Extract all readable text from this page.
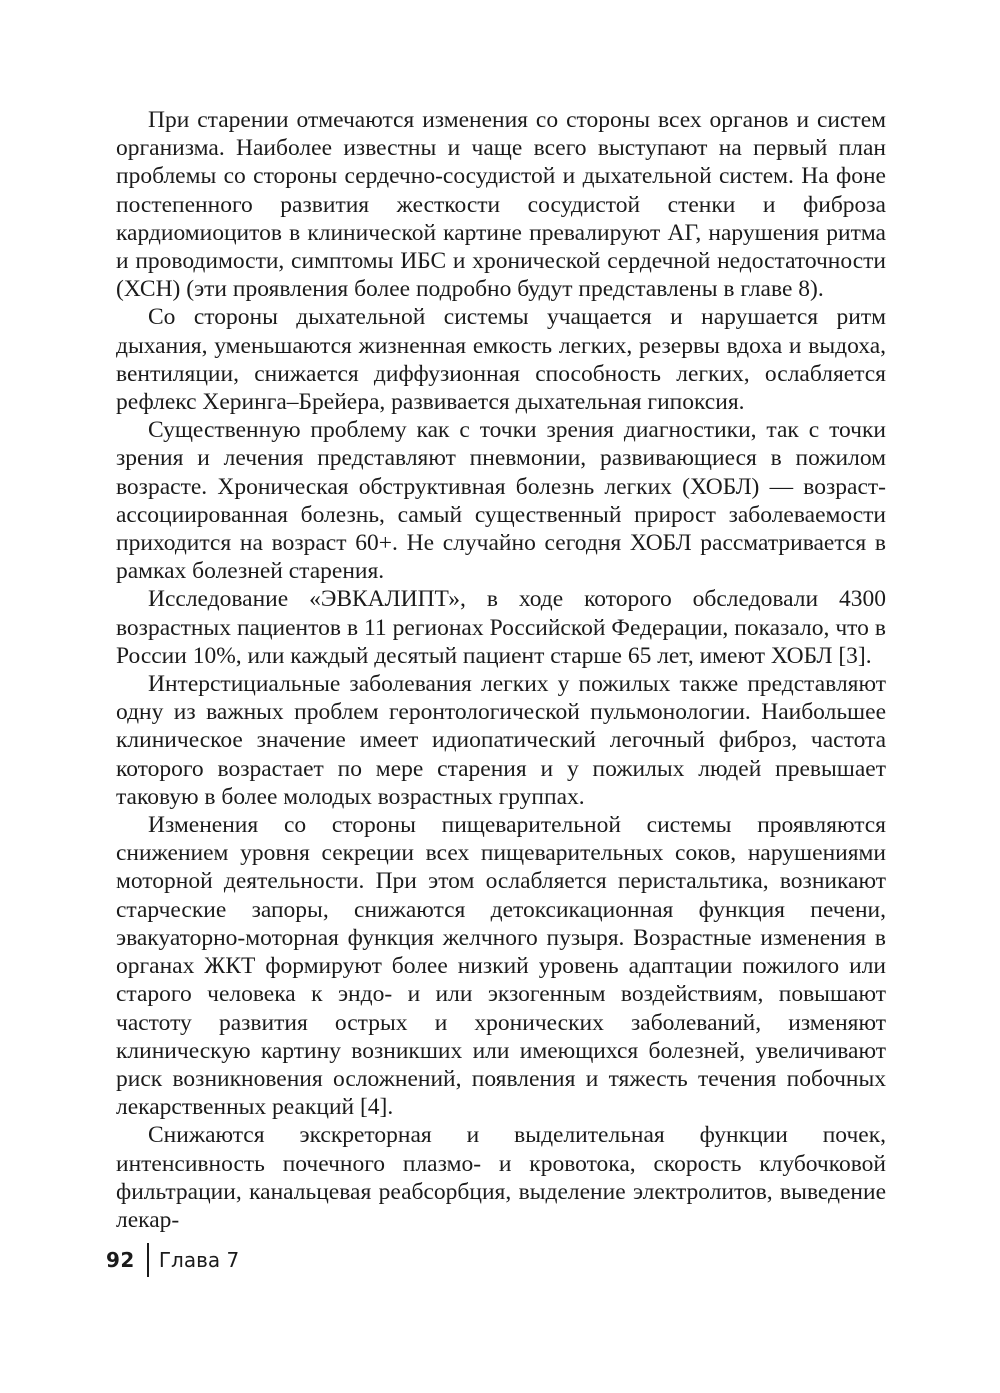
При старении отмечаются изменения со стороны всех органов и систем организма. Наиболее известны и чаще всего выступают на первый план проблемы со стороны сердечно-сосудистой и дыхательной систем. На фоне постепенного развития жесткости сосудистой стенки и фиброза кардиомиоцитов в клинической картине превалируют АГ, нарушения ритма и проводимости, симптомы ИБС и хронической сердечной недостаточности (ХСН) (эти проявления более подробно будут представлены в главе 8).

Со стороны дыхательной системы учащается и нарушается ритм дыхания, уменьшаются жизненная емкость легких, резервы вдоха и выдоха, вентиляции, снижается диффузионная способность легких, ослабляется рефлекс Херинга–Брейера, развивается дыхательная гипоксия.

Существенную проблему как с точки зрения диагностики, так с точки зрения и лечения представляют пневмонии, развивающиеся в пожилом возрасте. Хроническая обструктивная болезнь легких (ХОБЛ) — возраст-ассоциированная болезнь, самый существенный прирост заболеваемости приходится на возраст 60+. Не случайно сегодня ХОБЛ рассматривается в рамках болезней старения.

Исследование «ЭВКАЛИПТ», в ходе которого обследовали 4300 возрастных пациентов в 11 регионах Российской Федерации, показало, что в России 10%, или каждый десятый пациент старше 65 лет, имеют ХОБЛ [3].

Интерстициальные заболевания легких у пожилых также представляют одну из важных проблем геронтологической пульмонологии. Наибольшее клиническое значение имеет идиопатический легочный фиброз, частота которого возрастает по мере старения и у пожилых людей превышает таковую в более молодых возрастных группах.

Изменения со стороны пищеварительной системы проявляются снижением уровня секреции всех пищеварительных соков, нарушениями моторной деятельности. При этом ослабляется перистальтика, возникают старческие запоры, снижаются детоксикационная функция печени, эвакуаторно-моторная функция желчного пузыря. Возрастные изменения в органах ЖКТ формируют более низкий уровень адаптации пожилого или старого человека к эндо- и или экзогенным воздействиям, повышают частоту развития острых и хронических заболеваний, изменяют клиническую картину возникших или имеющихся болезней, увеличивают риск возникновения осложнений, появления и тяжесть течения побочных лекарственных реакций [4].

Снижаются экскреторная и выделительная функции почек, интенсивность почечного плазмо- и кровотока, скорость клубочковой фильтрации, канальцевая реабсорбция, выделение электролитов, выведение лекар-

92 Глава 7
